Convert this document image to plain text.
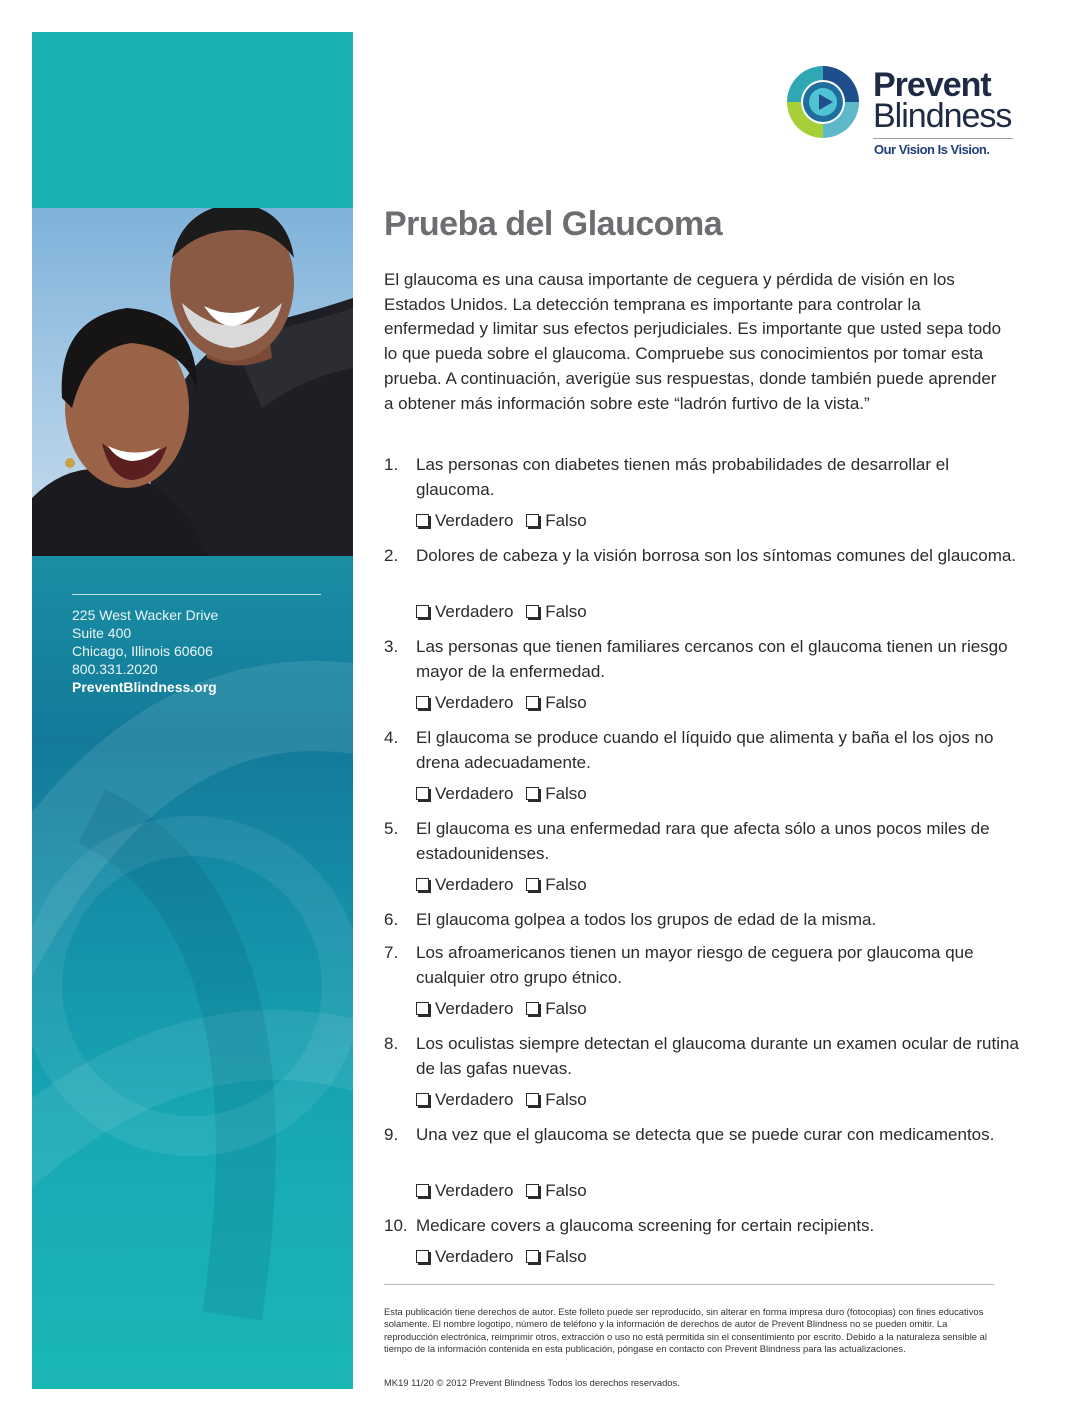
225 West Wacker Drive
Suite 400
Chicago, Illinois 60606
800.331.2020
PreventBlindness.org
Prevent
Blindness
Our Vision Is Vision.
Prueba del Glaucoma

El glaucoma es una causa importante de ceguera y pérdida de visión en los Estados Unidos. La detección temprana es importante para controlar la enfermedad y limitar sus efectos perjudiciales. Es importante que usted sepa todo lo que pueda sobre el glaucoma. Compruebe sus conocimientos por tomar esta prueba. A continuación, averigüe sus respuestas, donde también puede aprender a obtener más información sobre este “ladrón furtivo de la vista.”

1.	Las personas con diabetes tienen más probabilidades de desarrollar el glaucoma.
Verdadero Falso
2.	Dolores de cabeza y la visión borrosa son los síntomas comunes del glaucoma.
Verdadero Falso
3.	Las personas que tienen familiares cercanos con el glaucoma tienen un riesgo mayor de la enfermedad.
Verdadero Falso
4.	El glaucoma se produce cuando el líquido que alimenta y baña el los ojos no drena adecuadamente.
Verdadero Falso
5.	El glaucoma es una enfermedad rara que afecta sólo a unos pocos miles de estadounidenses.
Verdadero Falso
6.	El glaucoma golpea a todos los grupos de edad de la misma.
7.	Los afroamericanos tienen un mayor riesgo de ceguera por glaucoma que cualquier otro grupo étnico.
Verdadero Falso
8.	Los oculistas siempre detectan el glaucoma durante un examen ocular de rutina de las gafas nuevas.
Verdadero Falso
9.	Una vez que el glaucoma se detecta que se puede curar con medicamentos.
Verdadero Falso
10. Medicare covers a glaucoma screening for certain recipients.
Verdadero Falso
Esta publicación tiene derechos de autor. Este folleto puede ser reproducido, sin alterar en forma impresa duro (fotocopias) con fines educativos solamente. El nombre logotipo, número de teléfono y la información de derechos de autor de Prevent Blindness no se pueden omitir. La reproducción electrónica, reimprimir otros, extracción o uso no está permitida sin el consentimiento por escrito. Debido a la naturaleza sensible al tiempo de la información contenida en esta publicación, póngase en contacto con Prevent Blindness para las actualizaciones.
MK19 11/20 © 2012 Prevent Blindness Todos los derechos reservados.
